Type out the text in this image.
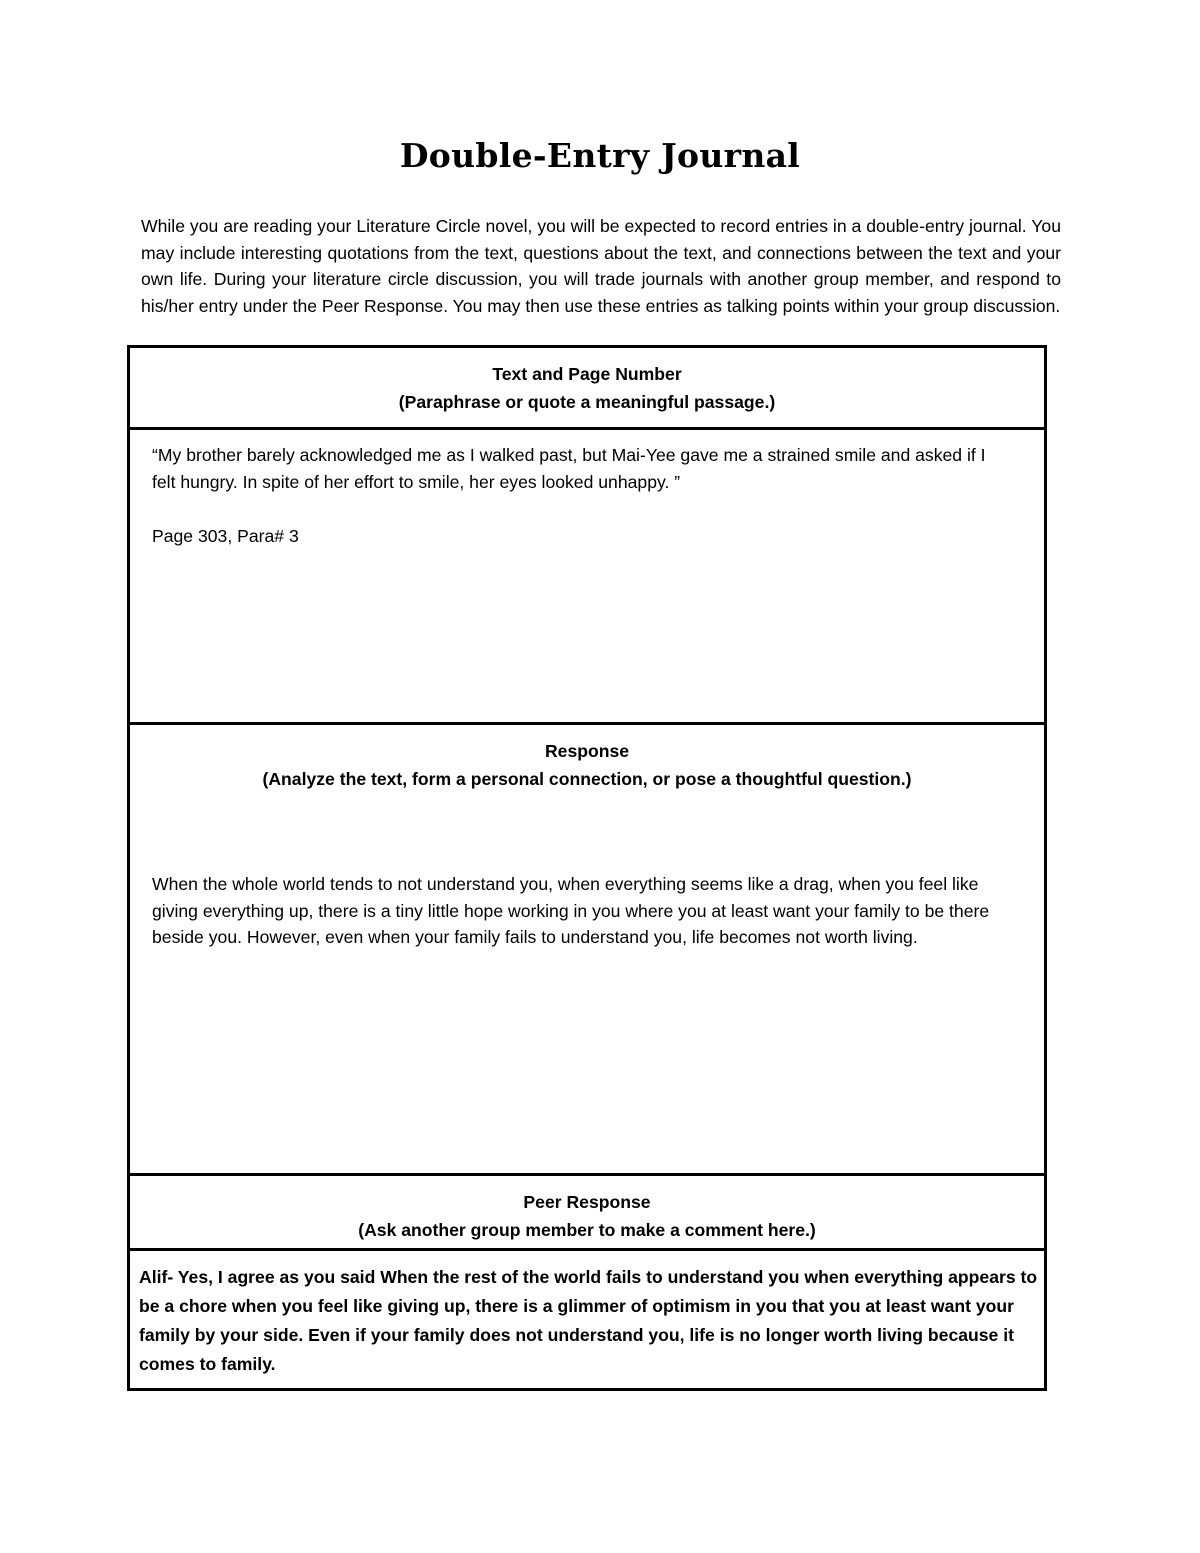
Double-Entry Journal

While you are reading your Literature Circle novel, you will be expected to record entries in a double-entry journal. You may include interesting quotations from the text, questions about the text, and connections between the text and your own life. During your literature circle discussion, you will trade journals with another group member, and respond to his/her entry under the Peer Response. You may then use these entries as talking points within your group discussion.

Text and Page Number
(Paraphrase or quote a meaningful passage.)

“My brother barely acknowledged me as I walked past, but Mai-Yee gave me a strained smile and asked if I felt hungry. In spite of her effort to smile, her eyes looked unhappy. ”

Page 303, Para# 3

Response
(Analyze the text, form a personal connection, or pose a thoughtful question.)

When the whole world tends to not understand you, when everything seems like a drag, when you feel like giving everything up, there is a tiny little hope working in you where you at least want your family to be there beside you. However, even when your family fails to understand you, life becomes not worth living.

Peer Response
(Ask another group member to make a comment here.)

Alif- Yes, I agree as you said When the rest of the world fails to understand you when everything appears to be a chore when you feel like giving up, there is a glimmer of optimism in you that you at least want your family by your side. Even if your family does not understand you, life is no longer worth living because it comes to family.
